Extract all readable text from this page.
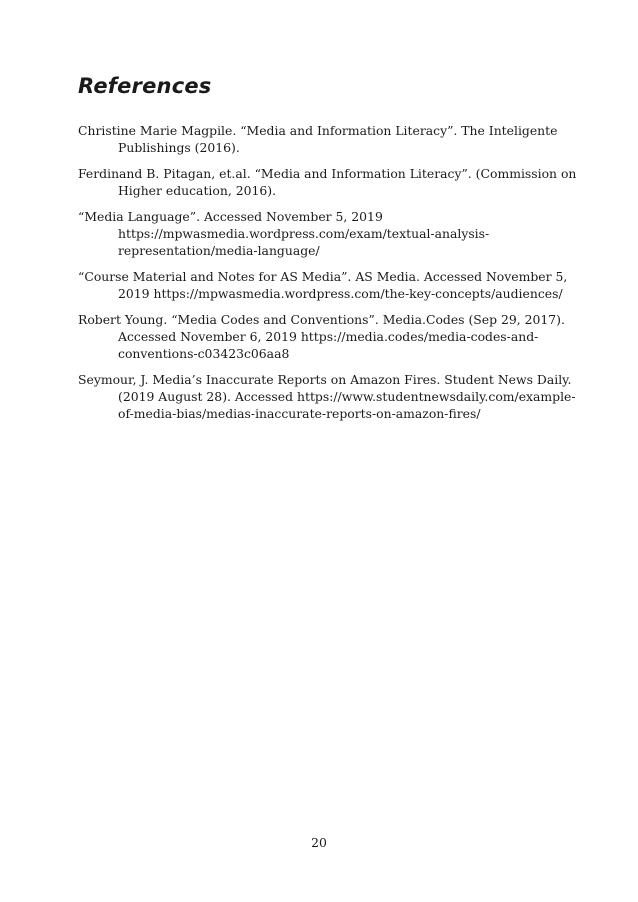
References
Christine Marie Magpile. “Media and Information Literacy”. The Inteligente Publishings (2016).
Ferdinand B. Pitagan, et.al. “Media and Information Literacy”. (Commission on Higher education, 2016).
“Media Language”. Accessed November 5, 2019 https://mpwasmedia.wordpress.com/exam/textual-analysis-representation/media-language/
“Course Material and Notes for AS Media”. AS Media. Accessed November 5, 2019 https://mpwasmedia.wordpress.com/the-key-concepts/audiences/
Robert Young. “Media Codes and Conventions”. Media.Codes (Sep 29, 2017). Accessed November 6, 2019 https://media.codes/media-codes-and-conventions-c03423c06aa8
Seymour, J. Media’s Inaccurate Reports on Amazon Fires. Student News Daily. (2019 August 28). Accessed https://www.studentnewsdaily.com/example-of-media-bias/medias-inaccurate-reports-on-amazon-fires/
20
